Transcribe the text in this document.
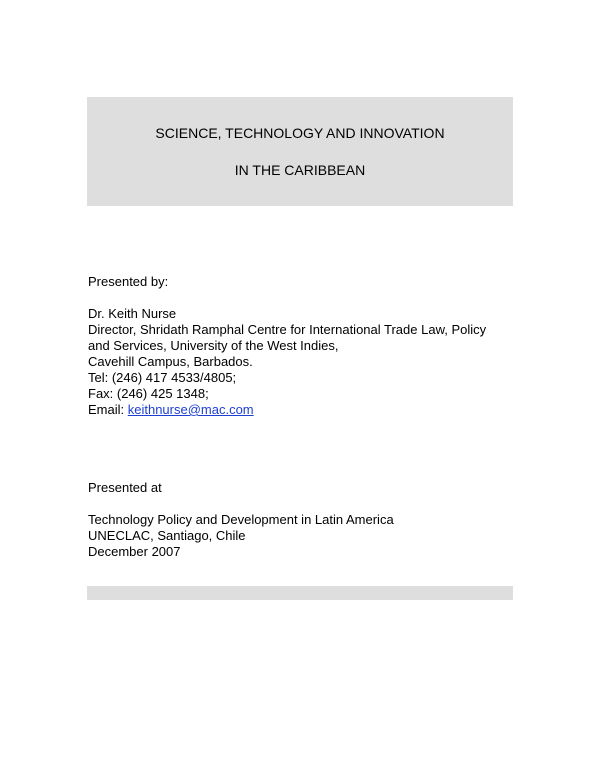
SCIENCE, TECHNOLOGY AND INNOVATION
IN THE CARIBBEAN
Presented by:
Dr. Keith Nurse
Director, Shridath Ramphal Centre for International Trade Law, Policy
and Services, University of the West Indies,
Cavehill Campus, Barbados.
Tel: (246) 417 4533/4805;
Fax: (246) 425 1348;
Email: keithnurse@mac.com
Presented at
Technology Policy and Development in Latin America
UNECLAC, Santiago, Chile
December 2007
